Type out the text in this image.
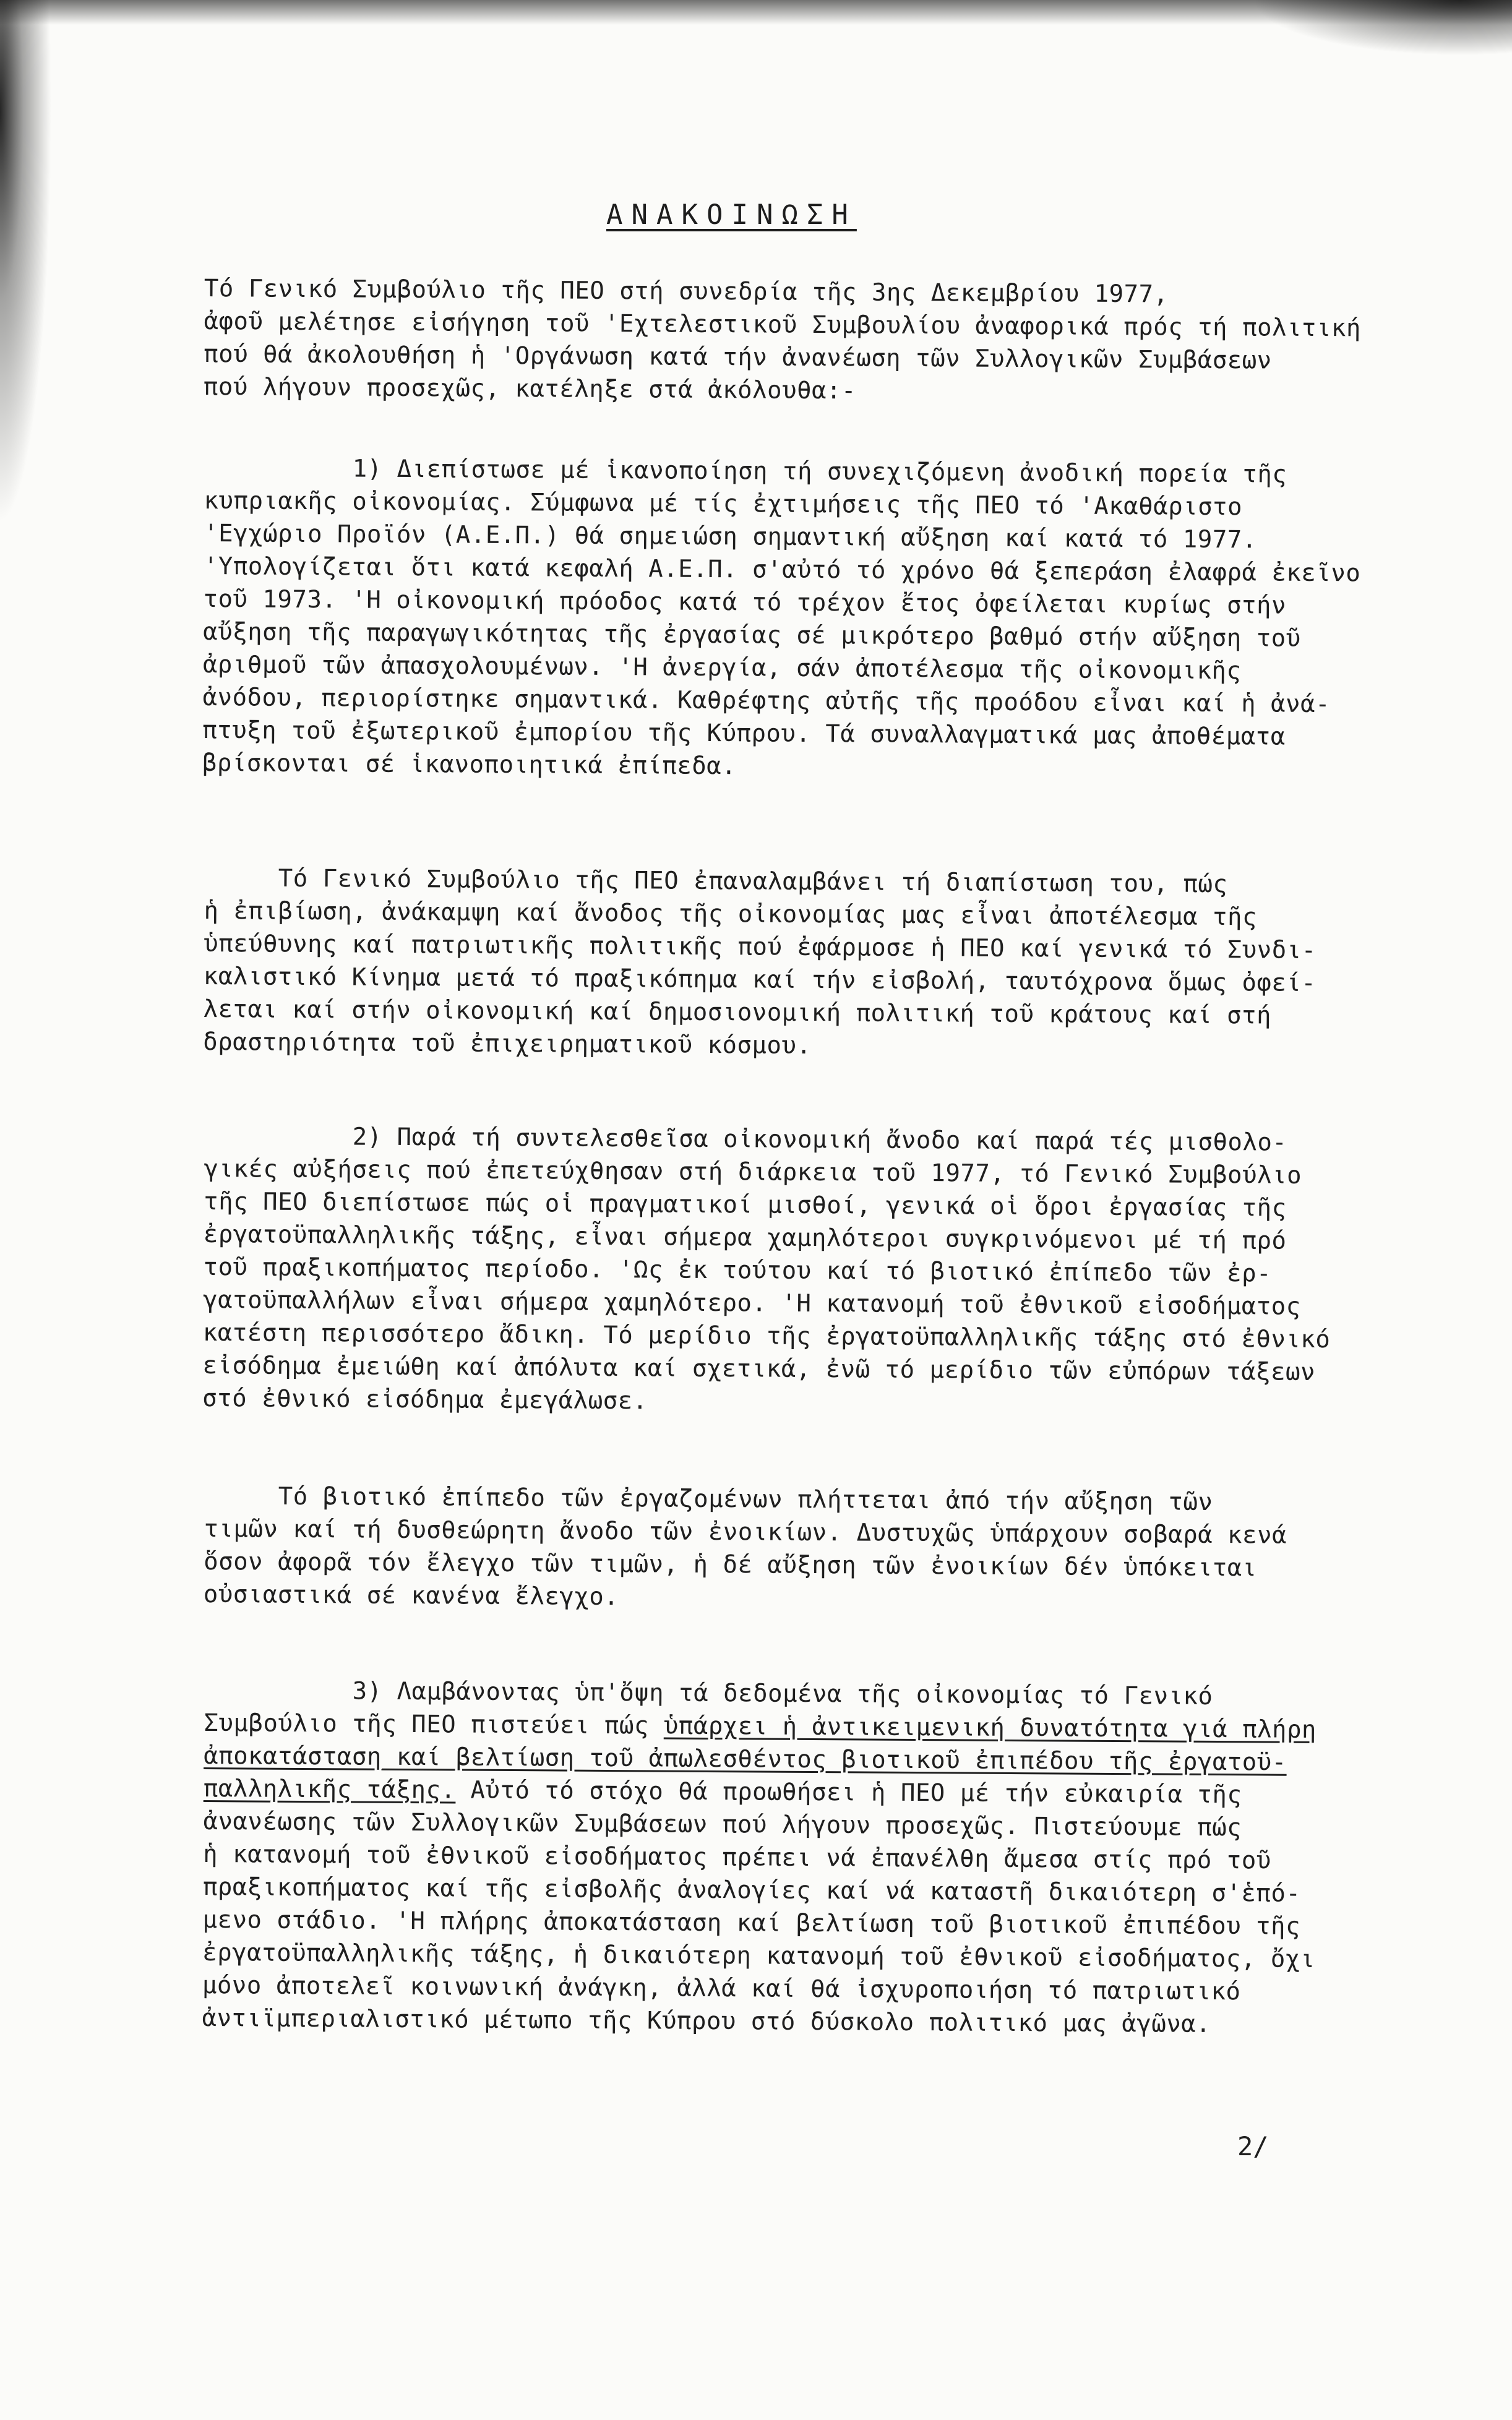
ΑΝΑΚΟΙΝΩΣΗ
Τό Γενικό Συμβούλιο τῆς ΠΕΟ στή συνεδρία τῆς 3ης Δεκεμβρίου 1977,
ἀφοῦ μελέτησε εἰσήγηση τοῦ 'Εχτελεστικοῦ Συμβουλίου ἀναφορικά πρός τή πολιτική
πού θά ἀκολουθήση ἡ 'Οργάνωση κατά τήν ἀνανέωση τῶν Συλλογικῶν Συμβάσεων
πού λήγουν προσεχῶς, κατέληξε στά ἀκόλουθα:-
1) Διεπίστωσε μέ ἱκανοποίηση τή συνεχιζόμενη ἀνοδική πορεία τῆς
κυπριακῆς οἰκονομίας. Σύμφωνα μέ τίς ἐχτιμήσεις τῆς ΠΕΟ τό 'Ακαθάριστο
'Εγχώριο Προϊόν (Α.Ε.Π.) θά σημειώση σημαντική αὔξηση καί κατά τό 1977.
'Υπολογίζεται ὅτι κατά κεφαλή Α.Ε.Π. σ'αὐτό τό χρόνο θά ξεπεράση ἐλαφρά ἐκεῖνο
τοῦ 1973. 'Η οἰκονομική πρόοδος κατά τό τρέχον ἔτος ὀφείλεται κυρίως στήν
αὔξηση τῆς παραγωγικότητας τῆς ἐργασίας σέ μικρότερο βαθμό στήν αὔξηση τοῦ
ἀριθμοῦ τῶν ἀπασχολουμένων. 'Η ἀνεργία, σάν ἀποτέλεσμα τῆς οἰκονομικῆς
ἀνόδου, περιορίστηκε σημαντικά. Καθρέφτης αὐτῆς τῆς προόδου εἶναι καί ἡ ἀνά-
πτυξη τοῦ ἐξωτερικοῦ ἐμπορίου τῆς Κύπρου. Τά συναλλαγματικά μας ἀποθέματα
βρίσκονται σέ ἱκανοποιητικά ἐπίπεδα.
Τό Γενικό Συμβούλιο τῆς ΠΕΟ ἐπαναλαμβάνει τή διαπίστωση του, πώς
ἡ ἐπιβίωση, ἀνάκαμψη καί ἄνοδος τῆς οἰκονομίας μας εἶναι ἀποτέλεσμα τῆς
ὑπεύθυνης καί πατριωτικῆς πολιτικῆς πού ἐφάρμοσε ἡ ΠΕΟ καί γενικά τό Συνδι-
καλιστικό Κίνημα μετά τό πραξικόπημα καί τήν εἰσβολή, ταυτόχρονα ὅμως ὀφεί-
λεται καί στήν οἰκονομική καί δημοσιονομική πολιτική τοῦ κράτους καί στή
δραστηριότητα τοῦ ἐπιχειρηματικοῦ κόσμου.
2) Παρά τή συντελεσθεῖσα οἰκονομική ἄνοδο καί παρά τές μισθολο-
γικές αὐξήσεις πού ἐπετεύχθησαν στή διάρκεια τοῦ 1977, τό Γενικό Συμβούλιο
τῆς ΠΕΟ διεπίστωσε πώς οἱ πραγματικοί μισθοί, γενικά οἱ ὅροι ἐργασίας τῆς
ἐργατοϋπαλληλικῆς τάξης, εἶναι σήμερα χαμηλότεροι συγκρινόμενοι μέ τή πρό
τοῦ πραξικοπήματος περίοδο. 'Ως ἐκ τούτου καί τό βιοτικό ἐπίπεδο τῶν ἐρ-
γατοϋπαλλήλων εἶναι σήμερα χαμηλότερο. 'Η κατανομή τοῦ ἐθνικοῦ εἰσοδήματος
κατέστη περισσότερο ἄδικη. Τό μερίδιο τῆς ἐργατοϋπαλληλικῆς τάξης στό ἐθνικό
εἰσόδημα ἐμειώθη καί ἀπόλυτα καί σχετικά, ἐνῶ τό μερίδιο τῶν εὐπόρων τάξεων
στό ἐθνικό εἰσόδημα ἐμεγάλωσε.
Τό βιοτικό ἐπίπεδο τῶν ἐργαζομένων πλήττεται ἀπό τήν αὔξηση τῶν
τιμῶν καί τή δυσθεώρητη ἄνοδο τῶν ἐνοικίων. Δυστυχῶς ὑπάρχουν σοβαρά κενά
ὅσον ἀφορᾶ τόν ἔλεγχο τῶν τιμῶν, ἡ δέ αὔξηση τῶν ἐνοικίων δέν ὑπόκειται
οὐσιαστικά σέ κανένα ἔλεγχο.
3) Λαμβάνοντας ὑπ'ὄψη τά δεδομένα τῆς οἰκονομίας τό Γενικό
Συμβούλιο τῆς ΠΕΟ πιστεύει πώς ὑπάρχει ἡ ἀντικειμενική δυνατότητα γιά πλήρη
ἀποκατάσταση καί βελτίωση τοῦ ἀπωλεσθέντος βιοτικοῦ ἐπιπέδου τῆς ἐργατοϋ-
παλληλικῆς τάξης. Αὐτό τό στόχο θά προωθήσει ἡ ΠΕΟ μέ τήν εὐκαιρία τῆς
ἀνανέωσης τῶν Συλλογικῶν Συμβάσεων πού λήγουν προσεχῶς. Πιστεύουμε πώς
ἡ κατανομή τοῦ ἐθνικοῦ εἰσοδήματος πρέπει νά ἐπανέλθη ἄμεσα στίς πρό τοῦ
πραξικοπήματος καί τῆς εἰσβολῆς ἀναλογίες καί νά καταστῆ δικαιότερη σ'ἑπό-
μενο στάδιο. 'Η πλήρης ἀποκατάσταση καί βελτίωση τοῦ βιοτικοῦ ἐπιπέδου τῆς
ἐργατοϋπαλληλικῆς τάξης, ἡ δικαιότερη κατανομή τοῦ ἐθνικοῦ εἰσοδήματος, ὄχι
μόνο ἀποτελεῖ κοινωνική ἀνάγκη, ἀλλά καί θά ἰσχυροποιήση τό πατριωτικό
ἀντιϊμπεριαλιστικό μέτωπο τῆς Κύπρου στό δύσκολο πολιτικό μας ἀγῶνα.
2/
